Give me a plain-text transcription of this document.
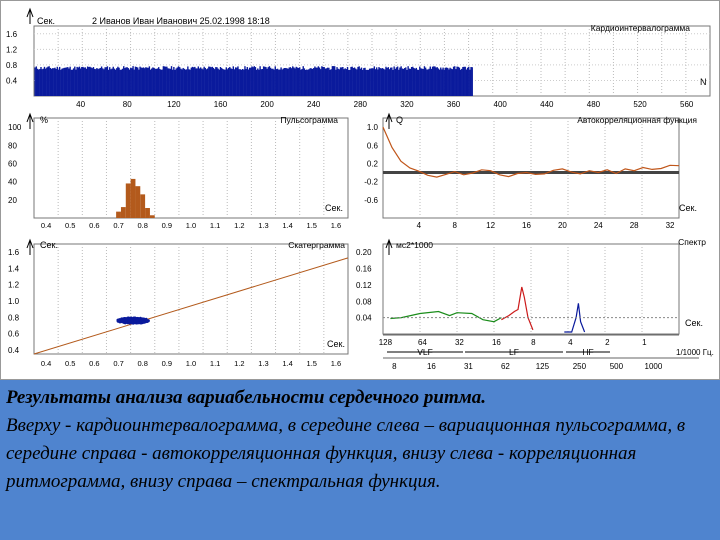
Сек.	2 Иванов Иван Иванович 25.02.1998 18:18
Кардиоинтервалограмма
N
1.6
1.2
0.8
0.4
40	80	120	160	200	240	280	320	360	400	440	480	520	560
%	Пульсограмма
Сек.
100
80
60
40
20
0.4 0.5 0.6 0.7 0.8 0.9 1.0 1.1 1.2 1.3 1.4 1.5 1.6
Q	Автокорреляционная функция
Сек.
1.0
0.6
0.2
-0.2
-0.6
4	8	12	16	20	24	28	32
Сек.	Скатерграмма
Сек.
1.6
1.4
1.2
1.0
0.8
0.6
0.4
0.4 0.5 0.6 0.7 0.8 0.9 1.0 1.1 1.2 1.3 1.4 1.5 1.6
мс2*1000	Спектр
Сек.
0.20
0.16
0.12
0.08
0.04
128	64	32	16	8	4	2	1
1/1000 Гц.
VLF	LF	HF
8	16	31	62	125	250	500	1000
Результаты анализа вариабельности сердечного ритма.
Вверху - кардиоинтервалограмма, в середине слева – вариационная пульсограмма, в середине справа - автокорреляционная функция, внизу слева - корреляционная ритмограмма, внизу справа – спектральная функция.
